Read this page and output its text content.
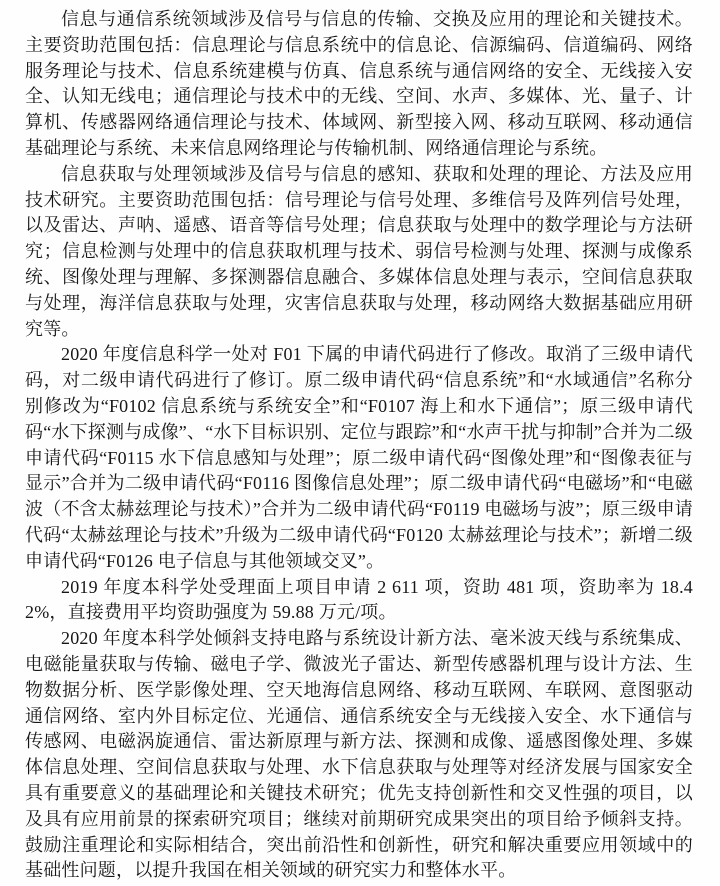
信息与通信系统领域涉及信号与信息的传输、交换及应用的理论和关键技术。主要资助范围包括：信息理论与信息系统中的信息论、信源编码、信道编码、网络服务理论与技术、信息系统建模与仿真、信息系统与通信网络的安全、无线接入安全、认知无线电；通信理论与技术中的无线、空间、水声、多媒体、光、量子、计算机、传感器网络通信理论与技术、体域网、新型接入网、移动互联网、移动通信基础理论与系统、未来信息网络理论与传输机制、网络通信理论与系统。

信息获取与处理领域涉及信号与信息的感知、获取和处理的理论、方法及应用技术研究。主要资助范围包括：信号理论与信号处理、多维信号及阵列信号处理，以及雷达、声呐、遥感、语音等信号处理；信息获取与处理中的数学理论与方法研究；信息检测与处理中的信息获取机理与技术、弱信号检测与处理、探测与成像系统、图像处理与理解、多探测器信息融合、多媒体信息处理与表示，空间信息获取与处理，海洋信息获取与处理，灾害信息获取与处理，移动网络大数据基础应用研究等。

2020 年度信息科学一处对 F01 下属的申请代码进行了修改。取消了三级申请代码，对二级申请代码进行了修订。原二级申请代码“信息系统”和“水域通信”名称分别修改为“F0102 信息系统与系统安全”和“F0107 海上和水下通信”；原三级申请代码“水下探测与成像”、“水下目标识别、定位与跟踪”和“水声干扰与抑制”合并为二级申请代码“F0115 水下信息感知与处理”；原二级申请代码“图像处理”和“图像表征与显示”合并为二级申请代码“F0116 图像信息处理”；原二级申请代码“电磁场”和“电磁波（不含太赫兹理论与技术）”合并为二级申请代码“F0119 电磁场与波”；原三级申请代码“太赫兹理论与技术”升级为二级申请代码“F0120 太赫兹理论与技术”；新增二级申请代码“F0126 电子信息与其他领域交叉”。

2019 年度本科学处受理面上项目申请 2 611 项，资助 481 项，资助率为 18.42%，直接费用平均资助强度为 59.88 万元/项。

2020 年度本科学处倾斜支持电路与系统设计新方法、毫米波天线与系统集成、电磁能量获取与传输、磁电子学、微波光子雷达、新型传感器机理与设计方法、生物数据分析、医学影像处理、空天地海信息网络、移动互联网、车联网、意图驱动通信网络、室内外目标定位、光通信、通信系统安全与无线接入安全、水下通信与传感网、电磁涡旋通信、雷达新原理与新方法、探测和成像、遥感图像处理、多媒体信息处理、空间信息获取与处理、水下信息获取与处理等对经济发展与国家安全具有重要意义的基础理论和关键技术研究；优先支持创新性和交叉性强的项目，以及具有应用前景的探索研究项目；继续对前期研究成果突出的项目给予倾斜支持。鼓励注重理论和实际相结合，突出前沿性和创新性，研究和解决重要应用领域中的基础性问题，以提升我国在相关领域的研究实力和整体水平。
